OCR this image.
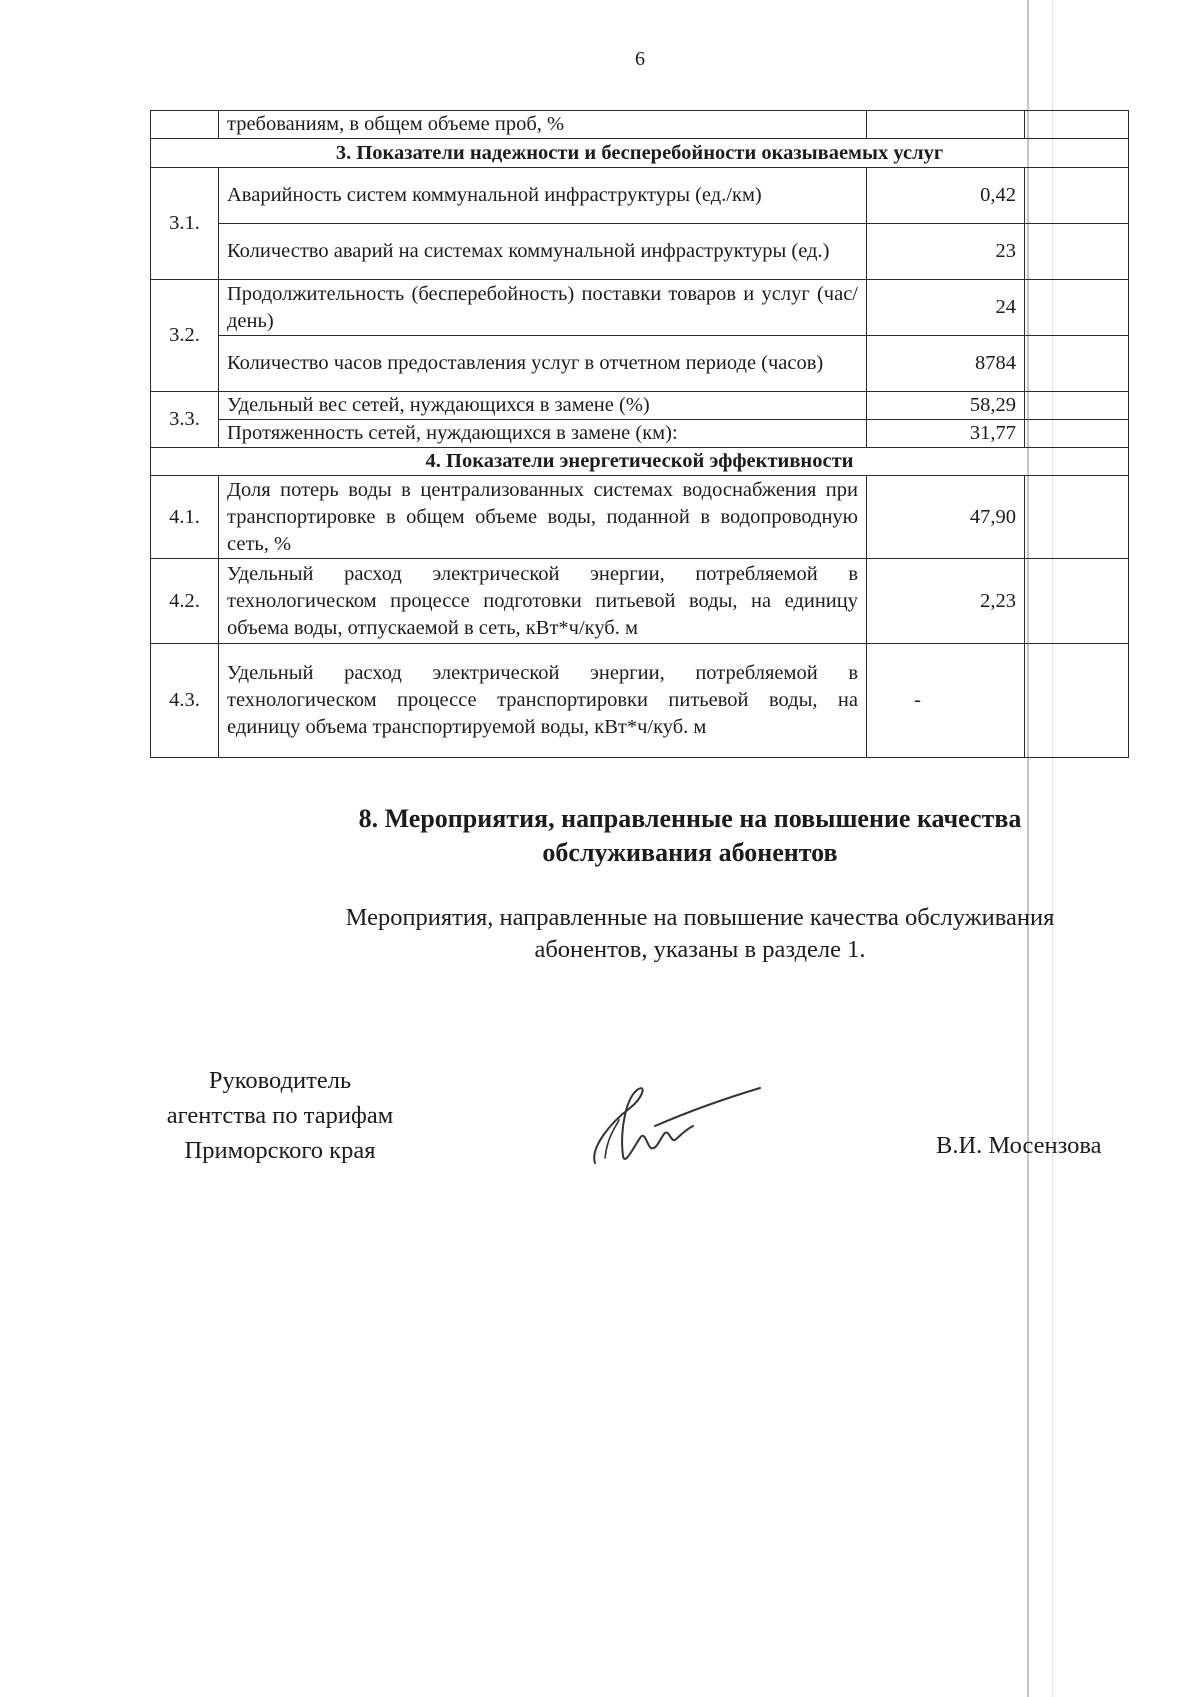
6
	требованиям, в общем объеме проб, %		
3. Показатели надежности и бесперебойности оказываемых услуг			
3.1.	Аварийность систем коммунальной инфраструктуры (ед./км)	0,42	
	Количество аварий на системах коммунальной инфраструктуры (ед.)	23	
3.2.	Продолжительность (бесперебойность) поставки товаров и услуг (час/день)	24	
	Количество часов предоставления услуг в отчетном периоде (часов)	8784	
3.3.	Удельный вес сетей, нуждающихся в замене (%)	58,29	
	Протяженность сетей, нуждающихся в замене (км):	31,77	
4. Показатели энергетической эффективности			
4.1.	Доля потерь воды в централизованных системах водоснабжения при транспортировке в общем объеме воды, поданной в водопроводную сеть, %	47,90	
4.2.	Удельный расход электрической энергии, потребляемой в технологическом процессе подготовки питьевой воды, на единицу объема воды, отпускаемой в сеть, кВт*ч/куб. м	2,23	
4.3.	Удельный расход электрической энергии, потребляемой в технологическом процессе транспортировки питьевой воды, на единицу объема транспортируемой воды, кВт*ч/куб. м	-	
8. Мероприятия, направленные на повышение качества
обслуживания абонентов
Мероприятия, направленные на повышение качества обслуживания
абонентов, указаны в разделе 1.
Руководитель
агентства по тарифам
Приморского края	В.И. Мосензова
